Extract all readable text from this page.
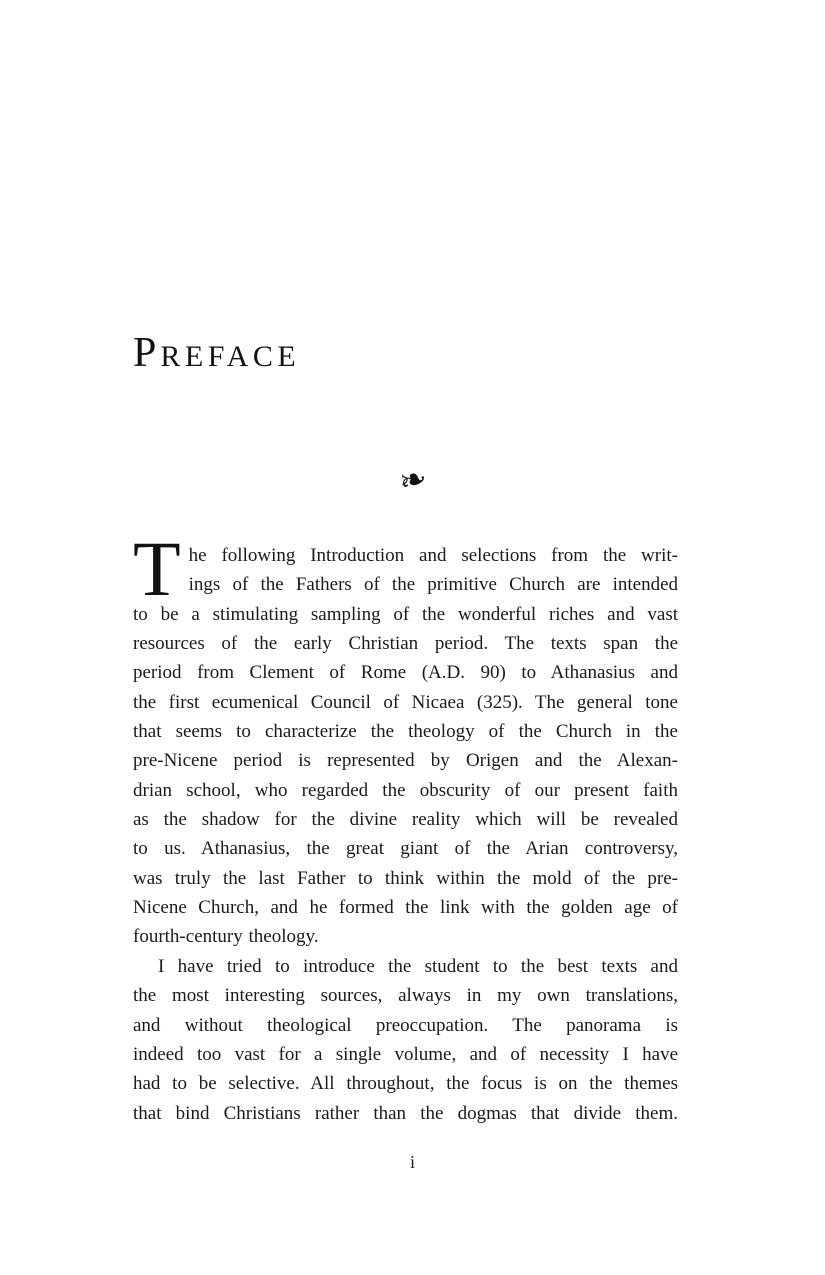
PREFACE
❧
T he following Introduction and selections from the writ-
ings of the Fathers of the primitive Church are intended
to be a stimulating sampling of the wonderful riches and vast
resources of the early Christian period. The texts span the
period from Clement of Rome (A.D. 90) to Athanasius and
the first ecumenical Council of Nicaea (325). The general tone
that seems to characterize the theology of the Church in the
pre-Nicene period is represented by Origen and the Alexan-
drian school, who regarded the obscurity of our present faith
as the shadow for the divine reality which will be revealed
to us. Athanasius, the great giant of the Arian controversy,
was truly the last Father to think within the mold of the pre-
Nicene Church, and he formed the link with the golden age of
fourth-century theology.
I have tried to introduce the student to the best texts and
the most interesting sources, always in my own translations,
and without theological preoccupation. The panorama is
indeed too vast for a single volume, and of necessity I have
had to be selective. All throughout, the focus is on the themes
that bind Christians rather than the dogmas that divide them.
i
